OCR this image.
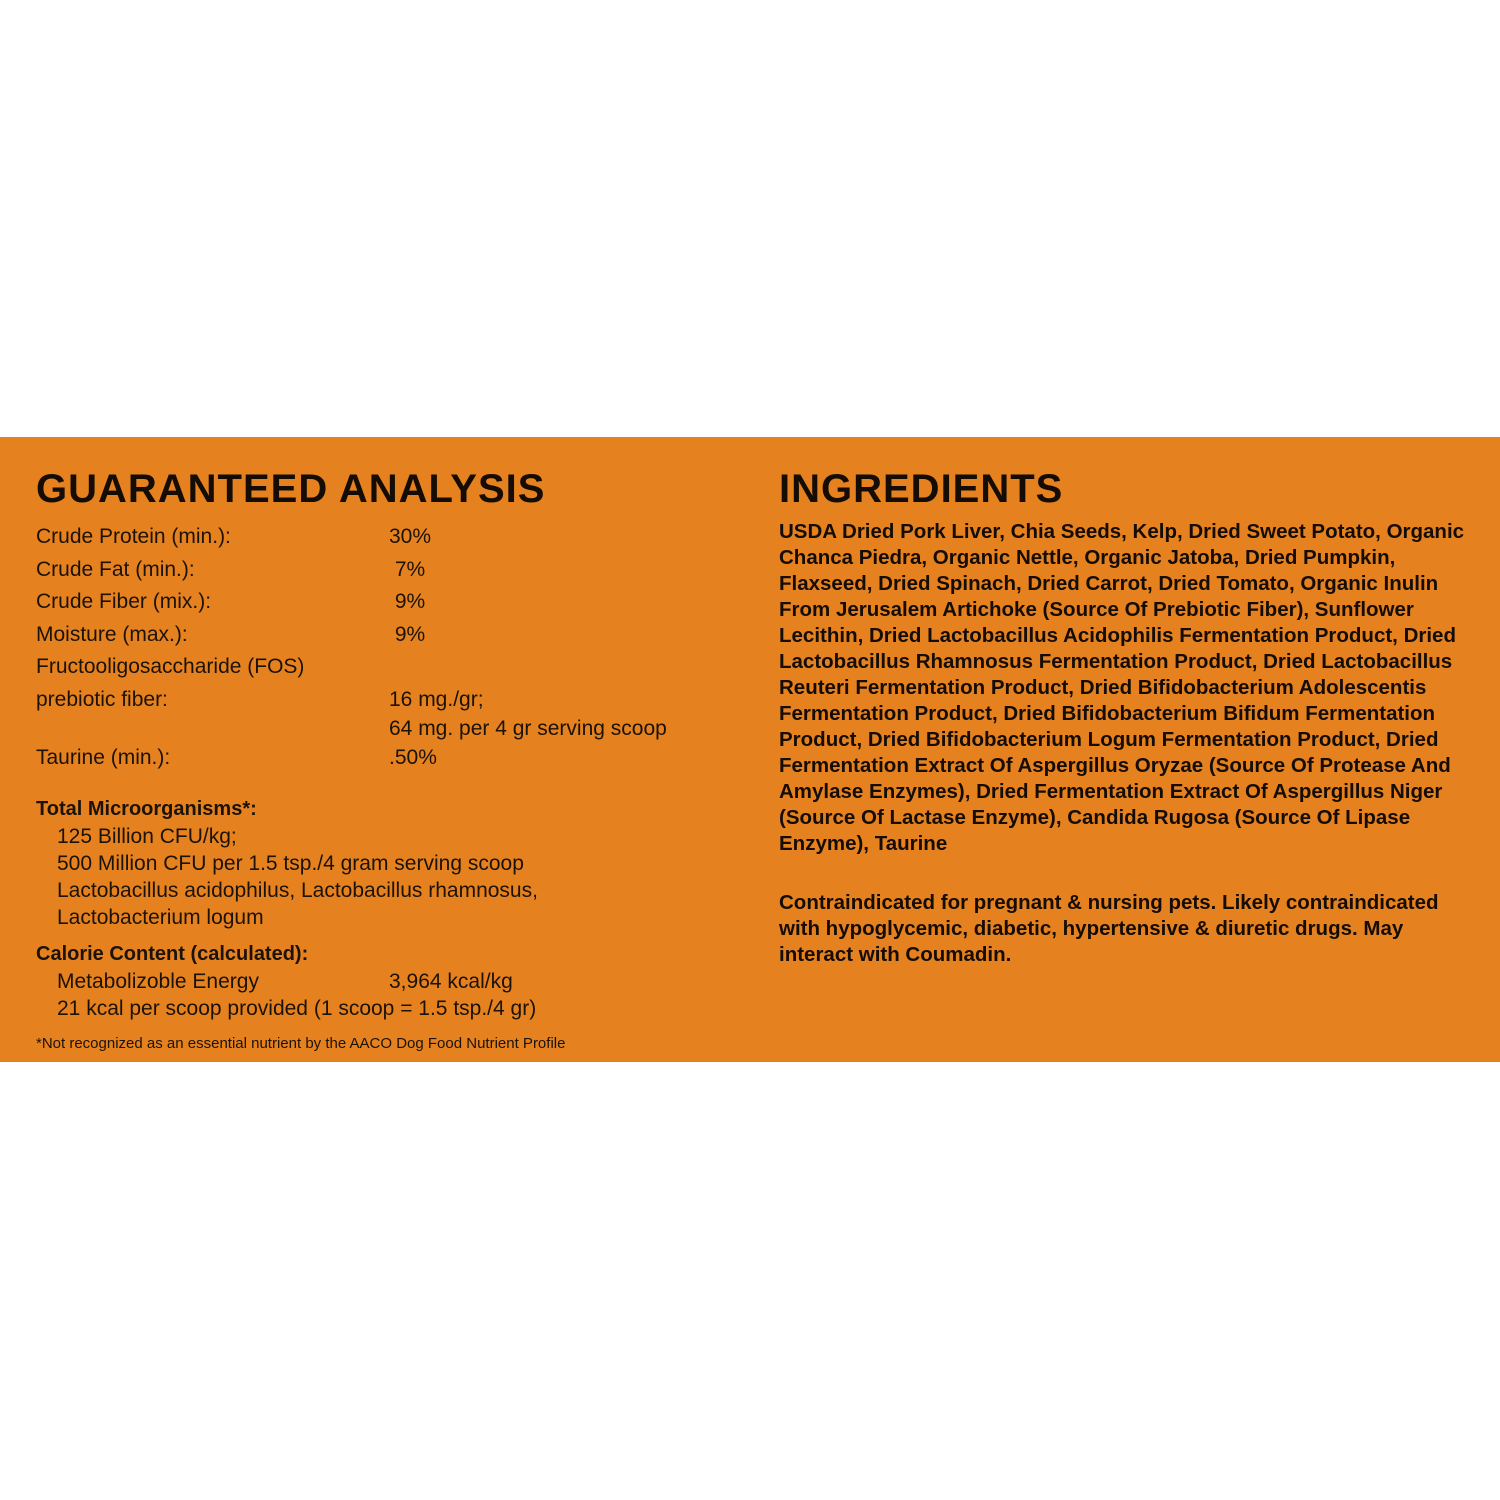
GUARANTEED ANALYSIS
Crude Protein (min.):	30%
Crude Fat (min.):	7%
Crude Fiber (mix.):	9%
Moisture (max.):	9%
Fructooligosaccharide (FOS)
prebiotic fiber:	16 mg./gr;
64 mg. per 4 gr serving scoop
Taurine (min.):	.50%
Total Microorganisms*:
125 Billion CFU/kg;
500 Million CFU per 1.5 tsp./4 gram serving scoop
Lactobacillus acidophilus, Lactobacillus rhamnosus,
Lactobacterium logum
Calorie Content (calculated):
Metabolizoble Energy	3,964 kcal/kg
21 kcal per scoop provided (1 scoop = 1.5 tsp./4 gr)
*Not recognized as an essential nutrient by the AACO Dog Food Nutrient Profile
INGREDIENTS
USDA Dried Pork Liver, Chia Seeds, Kelp, Dried Sweet Potato, Organic Chanca Piedra, Organic Nettle, Organic Jatoba, Dried Pumpkin, Flaxseed, Dried Spinach, Dried Carrot, Dried Tomato, Organic Inulin From Jerusalem Artichoke (Source Of Prebiotic Fiber), Sunflower Lecithin, Dried Lactobacillus Acidophilis Fermentation Product, Dried Lactobacillus Rhamnosus Fermentation Product, Dried Lactobacillus Reuteri Fermentation Product, Dried Bifidobacterium Adolescentis Fermentation Product, Dried Bifidobacterium Bifidum Fermentation Product, Dried Bifidobacterium Logum Fermentation Product, Dried Fermentation Extract Of Aspergillus Oryzae (Source Of Protease And Amylase Enzymes), Dried Fermentation Extract Of Aspergillus Niger (Source Of Lactase Enzyme), Candida Rugosa (Source Of Lipase Enzyme), Taurine
Contraindicated for pregnant & nursing pets. Likely contraindicated with hypoglycemic, diabetic, hypertensive & diuretic drugs. May interact with Coumadin.
